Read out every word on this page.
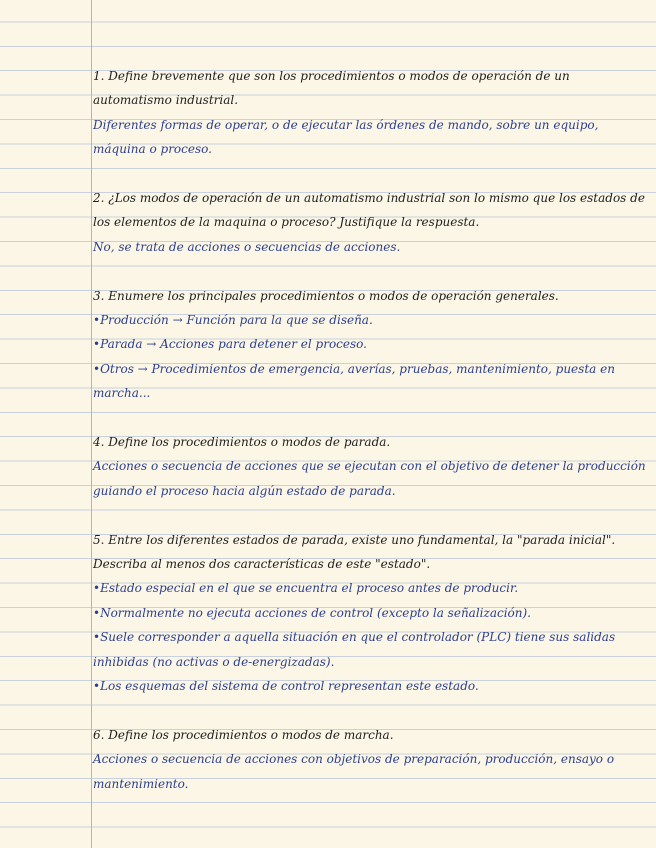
1. Define brevemente que son los procedimientos o modos de operación de un automatismo industrial.

Diferentes formas de operar, o de ejecutar las órdenes de mando, sobre un equipo, máquina o proceso.

2. ¿Los modos de operación de un automatismo industrial son lo mismo que los estados de los elementos de la maquina o proceso? Justifique la respuesta.

No, se trata de acciones o secuencias de acciones.

3. Enumere los principales procedimientos o modos de operación generales.

• Producción → Función para la que se diseña.
• Parada → Acciones para detener el proceso.
• Otros → Procedimientos de emergencia, averías, pruebas, mantenimiento, puesta en marcha...

4. Define los procedimientos o modos de parada.

Acciones o secuencia de acciones que se ejecutan con el objetivo de detener la producción guiando el proceso hacia algún estado de parada.

5. Entre los diferentes estados de parada, existe uno fundamental, la "parada inicial". Describa al menos dos características de este "estado".

• Estado especial en el que se encuentra el proceso antes de producir.
• Normalmente no ejecuta acciones de control (excepto la señalización).
• Suele corresponder a aquella situación en que el controlador (PLC) tiene sus salidas inhibidas (no activas o de-energizadas).
• Los esquemas del sistema de control representan este estado.

6. Define los procedimientos o modos de marcha.

Acciones o secuencia de acciones con objetivos de preparación, producción, ensayo o mantenimiento.
